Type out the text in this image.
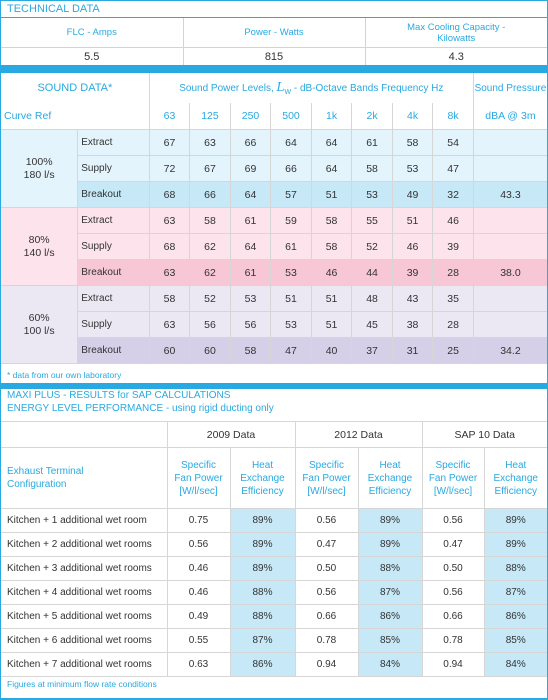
TECHNICAL DATA
FLC - Amps	Power - Watts	Max Cooling Capacity - Kilowatts
5.5	815	4.3
SOUND DATA*		Sound Power Levels, $L_W$ - dB-Octave Bands Frequency Hz								Sound Pressure
Curve Ref		63	125	250	500	1k	2k	4k	8k	dBA @ 3m
100%
180 l/s	Extract	67	63	66	64	64	61	58	54	
	Supply	72	67	69	66	64	58	53	47	
	Breakout	68	66	64	57	51	53	49	32	43.3
80%
140 l/s	Extract	63	58	61	59	58	55	51	46	
	Supply	68	62	64	61	58	52	46	39	
	Breakout	63	62	61	53	46	44	39	28	38.0
60%
100 l/s	Extract	58	52	53	51	51	48	43	35	
	Supply	63	56	56	53	51	45	38	28	
	Breakout	60	60	58	47	40	37	31	25	34.2
* data from our own laboratory										
MAXI PLUS - RESULTS for SAP CALCULATIONS
ENERGY LEVEL PERFORMANCE - using rigid ducting only
	2009 Data		2012 Data		SAP 10 Data	
Exhaust Terminal
Configuration	Specific
Fan Power
[W/l/sec]	Heat
Exchange
Efficiency	Specific
Fan Power
[W/l/sec]	Heat
Exchange
Efficiency	Specific
Fan Power
[W/l/sec]	Heat
Exchange
Efficiency
Kitchen + 1 additional wet room	0.75	89%	0.56	89%	0.56	89%
Kitchen + 2 additional wet rooms	0.56	89%	0.47	89%	0.47	89%
Kitchen + 3 additional wet rooms	0.46	89%	0.50	88%	0.50	88%
Kitchen + 4 additional wet rooms	0.46	88%	0.56	87%	0.56	87%
Kitchen + 5 additional wet rooms	0.49	88%	0.66	86%	0.66	86%
Kitchen + 6 additional wet rooms	0.55	87%	0.78	85%	0.78	85%
Kitchen + 7 additional wet rooms	0.63	86%	0.94	84%	0.94	84%
Figures at minimum flow rate conditions
